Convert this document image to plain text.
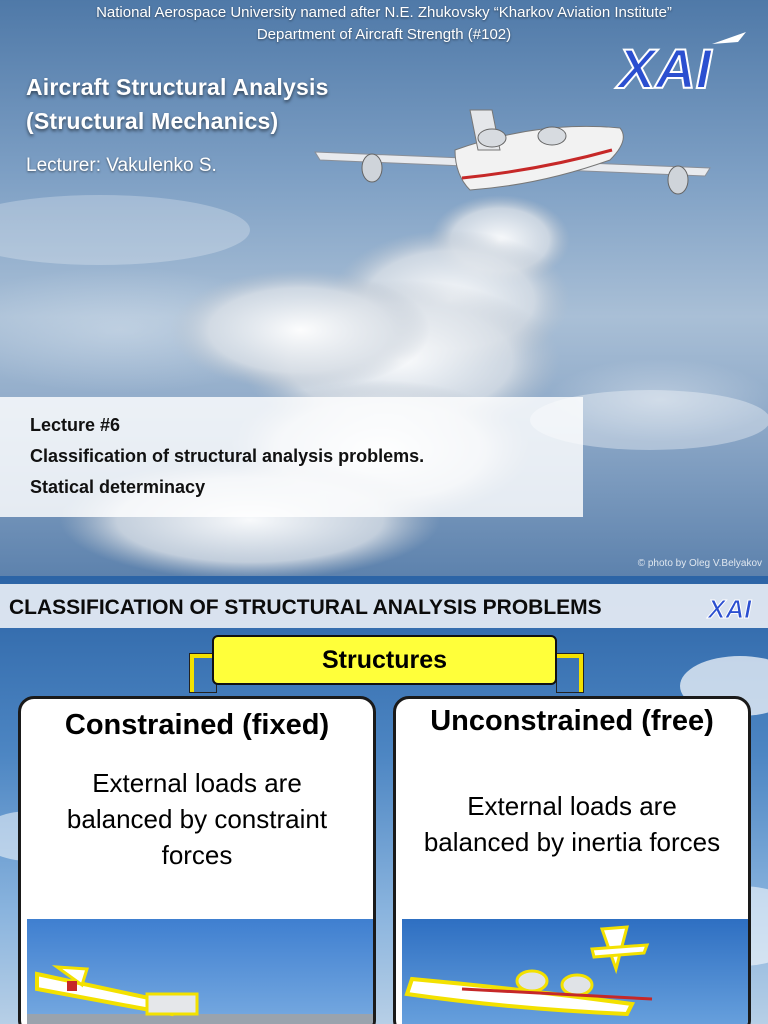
National Aerospace University named after N.E. Zhukovsky “Kharkov Aviation Institute”
Department of Aircraft Strength (#102)
XAI
Aircraft Structural Analysis
(Structural Mechanics)
Lecturer: Vakulenko S.
Lecture #6
Classification of structural analysis problems.
Statical determinacy
© photo by Oleg V.Belyakov
CLASSIFICATION OF STRUCTURAL ANALYSIS PROBLEMS	XAI
Structures
Constrained (fixed)
External loads are
balanced by constraint
forces
Unconstrained (free)
External loads are
balanced by inertia forces
